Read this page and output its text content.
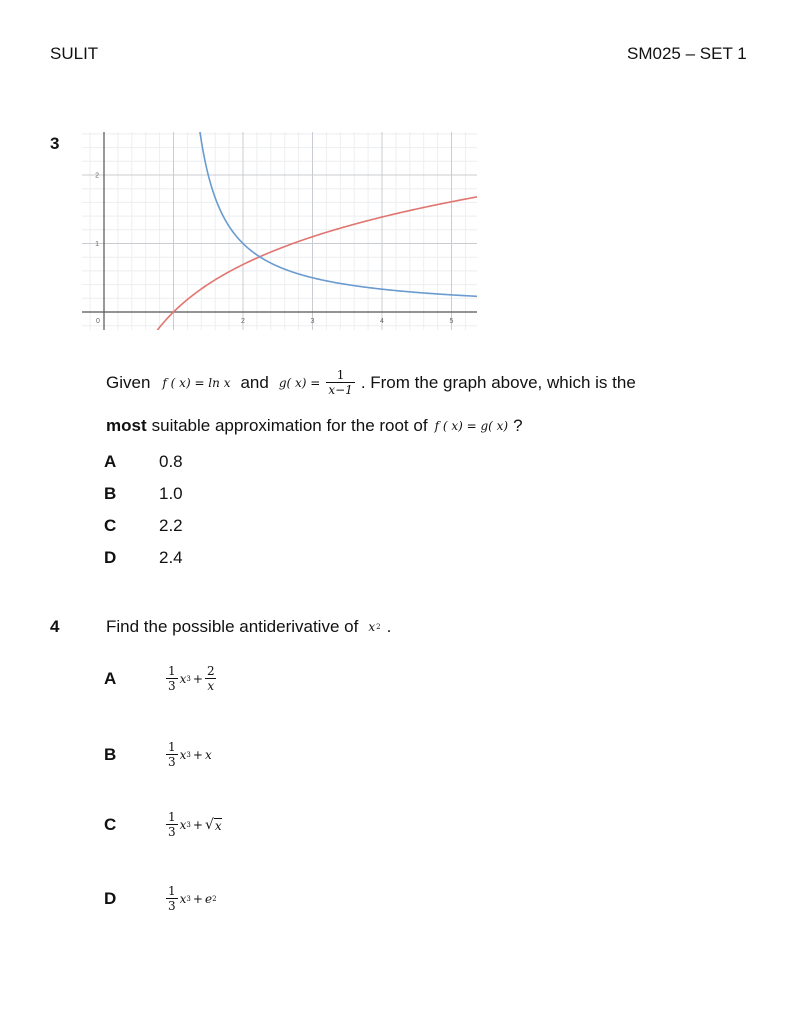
SULIT	SM025 – SET 1
3
0	2	3	4	5
1
2
Given f ( x) = ln x and g( $x) = \frac{1}{x-1}$ . From the graph above, which is the
most suitable approximation for the root of f ( x) = g( x) ?
A	0.8
B	1.0
C	2.2
D	2.4
4	Find the possible antiderivative of x 2 .
A	$\frac{1}{3}$ x $3 + \frac{2}{x}$
B	$\frac{1}{3}$ x 3 + x
C	$\frac{1}{3}$ x 3 + √ x
D	$\frac{1}{3}$ x 3 + e 2
